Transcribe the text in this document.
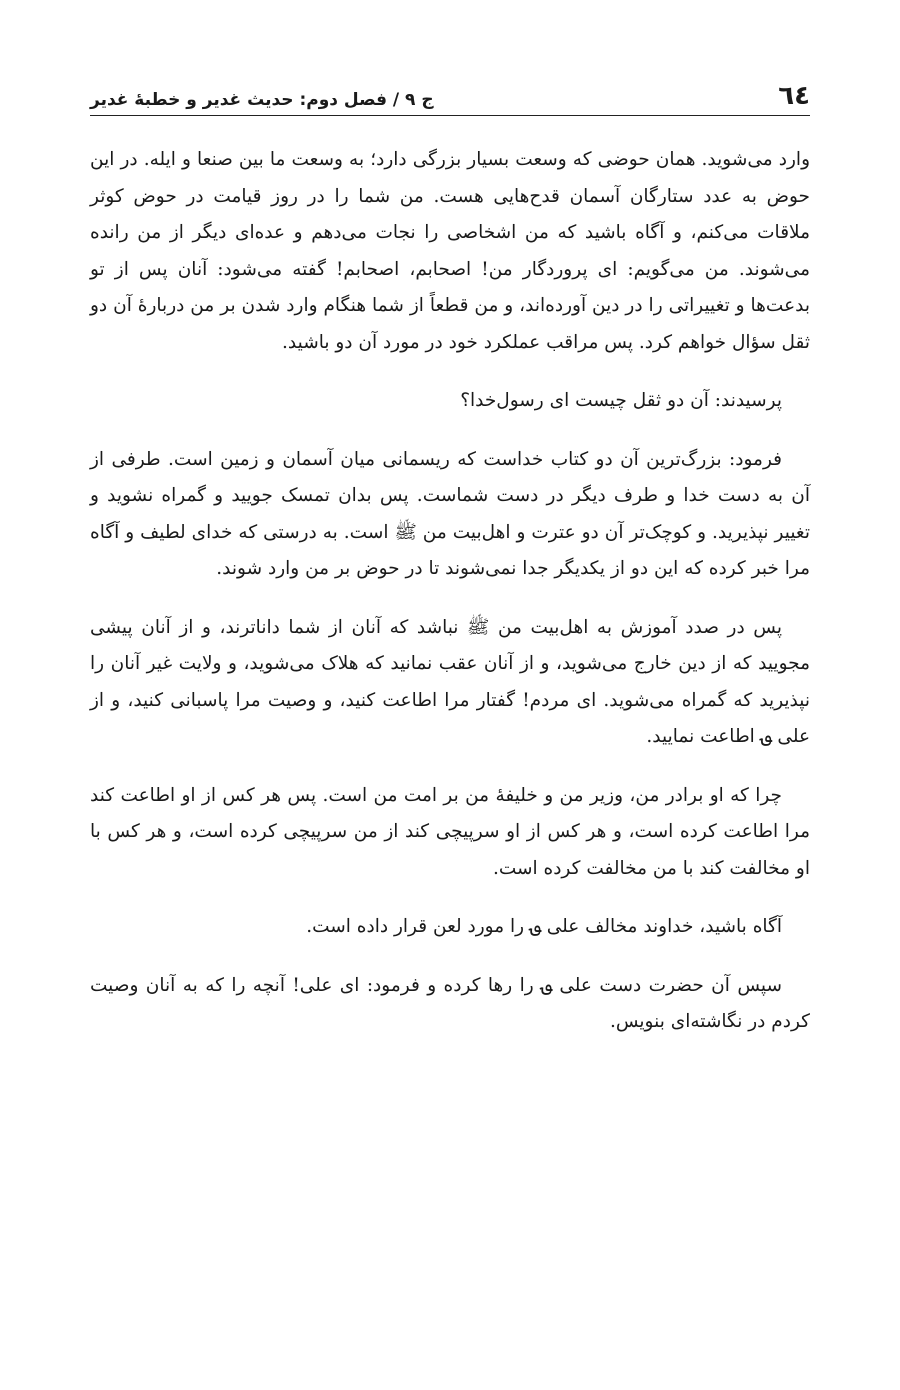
٦٤
ج ۹ / فصل دوم: حدیث غدیر و خطبهٔ غدیر

وارد می‌شوید. همان حوضی که وسعت بسیار بزرگی دارد؛ به وسعت ما بین صنعا و ایله. در این حوض به عدد ستارگان آسمان قدح‌هایی هست. من شما را در روز قیامت در حوض کوثر ملاقات می‌کنم، و آگاه باشید که من اشخاصی را نجات می‌دهم و عده‌ای دیگر از من رانده می‌شوند. من می‌گویم: ای پروردگار من! اصحابم، اصحابم! گفته می‌شود: آنان پس از تو بدعت‌ها و تغییراتی را در دین آورده‌اند، و من قطعاً از شما هنگام وارد شدن بر من دربارهٔ آن دو ثقل سؤال خواهم کرد. پس مراقب عملکرد خود در مورد آن دو باشید.

پرسیدند: آن دو ثقل چیست ای رسول‌خدا؟

فرمود: بزرگ‌ترین آن دو کتاب خداست که ریسمانی میان آسمان و زمین است. طرفی از آن به دست خدا و طرف دیگر در دست شماست. پس بدان تمسک جویید و گمراه نشوید و تغییر نپذیرید. و کوچک‌تر آن دو عترت و اهل‌بیت من ﷺ است. به درستی که خدای لطیف و آگاه مرا خبر کرده که این دو از یکدیگر جدا نمی‌شوند تا در حوض بر من وارد شوند.

پس در صدد آموزش به اهل‌بیت من ﷺ نباشد که آنان از شما داناترند، و از آنان پیشی مجویید که از دین خارج می‌شوید، و از آنان عقب نمانید که هلاک می‌شوید، و ولایت غیر آنان را نپذیرید که گمراه می‌شوید. ای مردم! گفتار مرا اطاعت کنید، و وصیت مرا پاسبانی کنید، و از علی ؈ اطاعت نمایید.

چرا که او برادر من، وزیر من و خلیفهٔ من بر امت من است. پس هر کس از او اطاعت کند مرا اطاعت کرده است، و هر کس از او سرپیچی کند از من سرپیچی کرده است، و هر کس با او مخالفت کند با من مخالفت کرده است.

آگاه باشید، خداوند مخالف علی ؈ را مورد لعن قرار داده است.

سپس آن حضرت دست علی ؈ را رها کرده و فرمود: ای علی! آنچه را که به آنان وصیت کردم در نگاشته‌ای بنویس.
